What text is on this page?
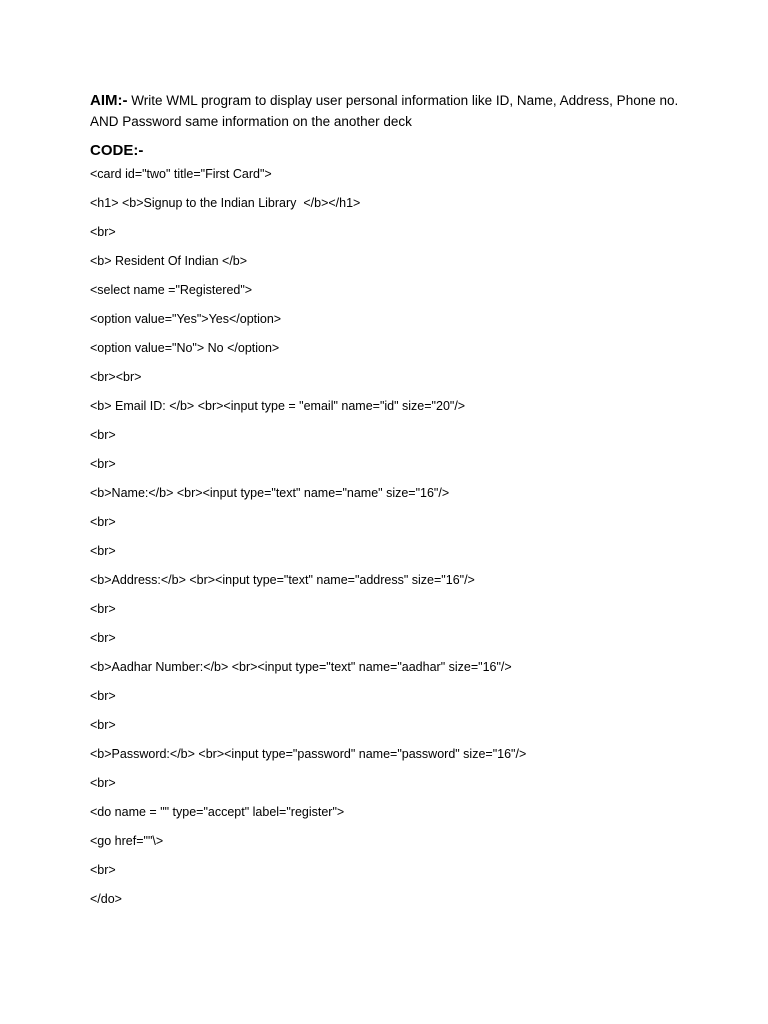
AIM:- Write WML program to display user personal information like ID, Name, Address, Phone no. AND Password same information on the another deck

CODE:-
<card id="two" title="First Card">
<h1> <b>Signup to the Indian Library  </b></h1>
<br>
<b> Resident Of Indian </b>
<select name ="Registered">
<option value="Yes">Yes</option>
<option value="No"> No </option>
<br><br>
<b> Email ID: </b> <br><input type = "email" name="id" size="20"/>
<br>
<br>
<b>Name:</b> <br><input type="text" name="name" size="16"/>
<br>
<br>
<b>Address:</b> <br><input type="text" name="address" size="16"/>
<br>
<br>
<b>Aadhar Number:</b> <br><input type="text" name="aadhar" size="16"/>
<br>
<br>
<b>Password:</b> <br><input type="password" name="password" size="16"/>
<br>
<do name = "" type="accept" label="register">
<go href=""\>
<br>
</do>
